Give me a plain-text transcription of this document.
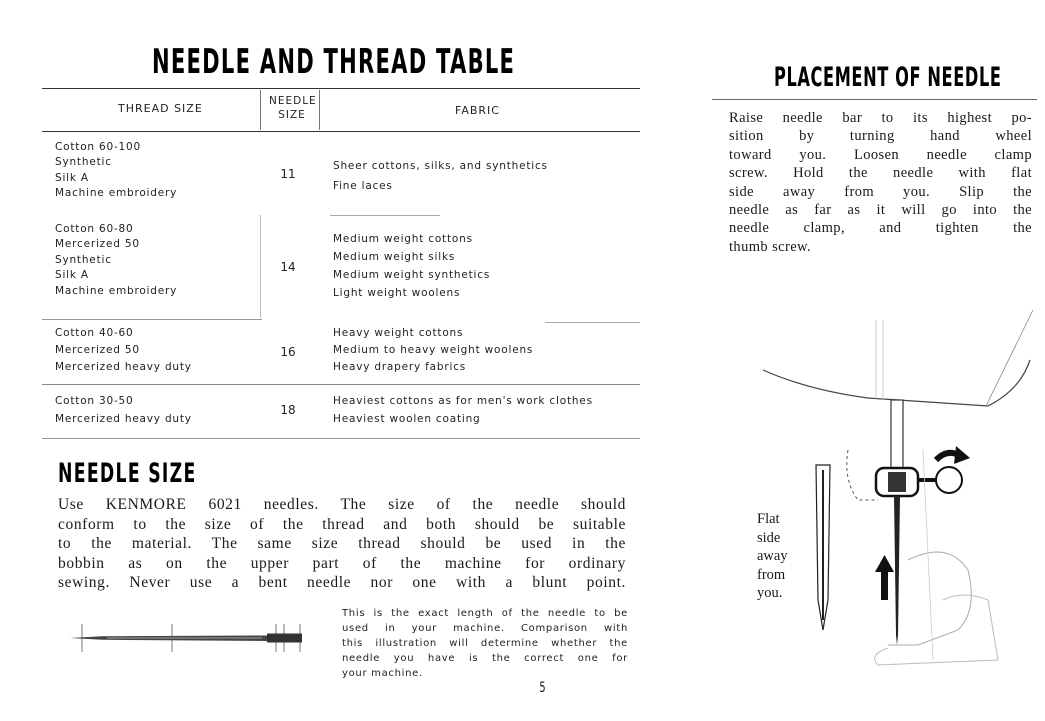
NEEDLE AND THREAD TABLE
THREAD SIZE
NEEDLE SIZE	FABRIC
Cotton 60-100
Synthetic
Silk A
Machine embroidery
11
Sheer cottons, silks, and synthetics
Fine laces
Cotton 60-80
Mercerized 50
Synthetic
Silk A
Machine embroidery
14
Medium weight cottons
Medium weight silks
Medium weight synthetics
Light weight woolens
Cotton 40-60
Mercerized 50
Mercerized heavy duty
16
Heavy weight cottons
Medium to heavy weight woolens
Heavy drapery fabrics
Cotton 30-50
Mercerized heavy duty
18
Heaviest cottons as for men's work clothes
Heaviest woolen coating
NEEDLE SIZE
Use KENMORE 6021 needles. The size of the needle should
conform to the size of the thread and both should be suitable
to the material. The same size thread should be used in the
bobbin as on the upper part of the machine for ordinary
sewing. Never use a bent needle nor one with a blunt point.
This is the exact length of the needle to be
used in your machine. Comparison with
this illustration will determine whether the
needle you have is the correct one for
your machine.
5
PLACEMENT OF NEEDLE
Raise needle bar to its highest po-
sition by turning hand wheel
toward you. Loosen needle clamp
screw. Hold the needle with flat
side away from you. Slip the
needle as far as it will go into the
needle clamp, and tighten the
thumb screw.
Flat
side
away
from
you.
